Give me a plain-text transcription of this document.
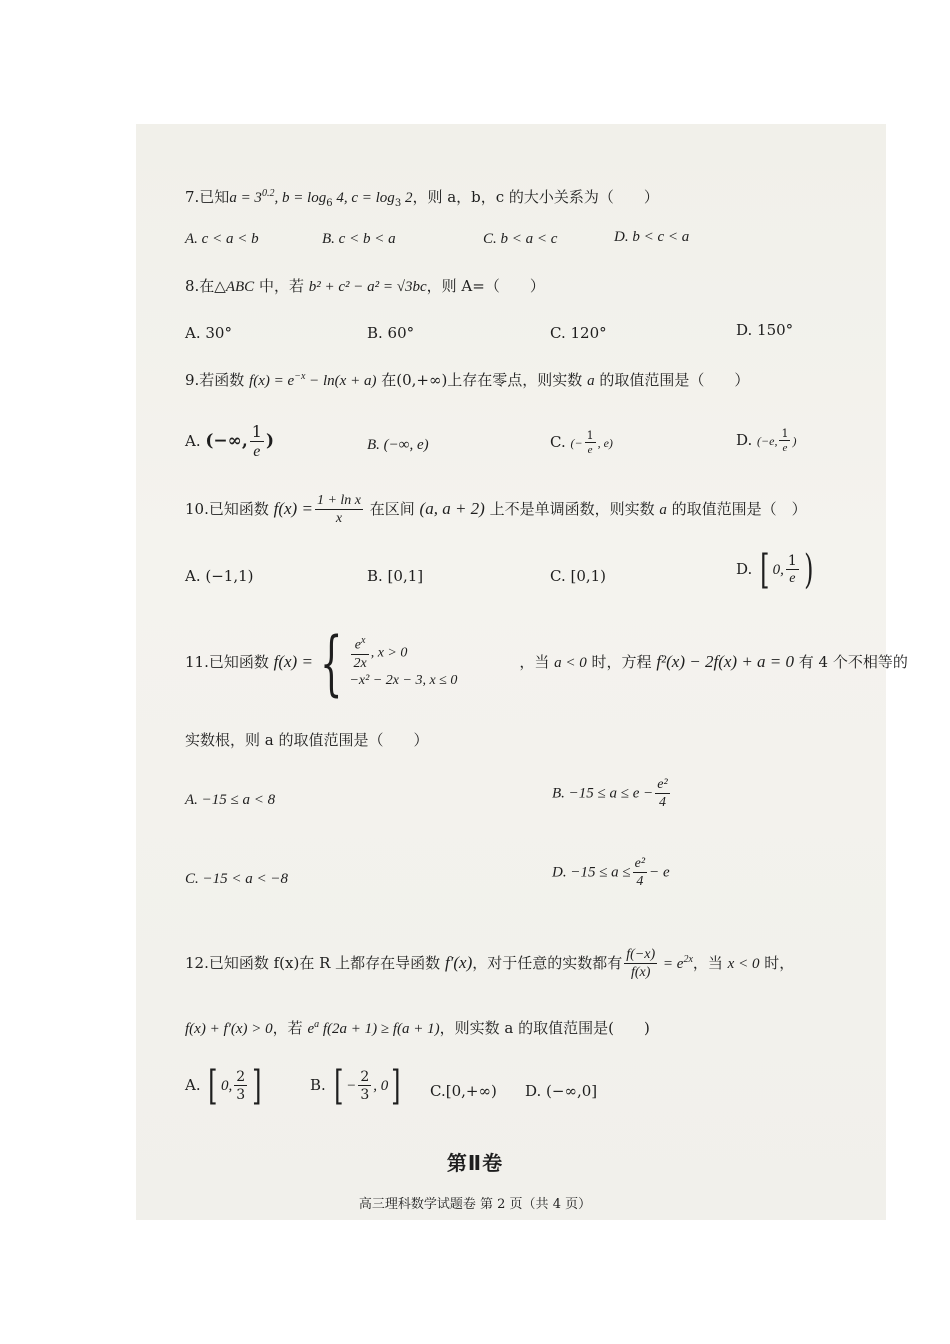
7.已知$a = 3^{0.2}$, $b = \log_6 4$, $c = \log_3 2$，则 a，b，c 的大小关系为（　　）
A. c < a < b	B. c < b < a	C. b < a < c	D. b < c < a
8.在△ABC 中，若 b² + c² − a² = √3bc，则 A=（　　）
A. 30°	B. 60°	C. 120°	D. 150°
9.若函数 $f(x) = e^{-x} - \ln(x + a)$ 在(0,+∞)上存在零点，则实数 a 的取值范围是（　　）
A. (−∞, $\frac{1}{e}$ )	B. (−∞, e)	C. (− $\frac{1}{e}$ , e)	D. (−e, $\frac{1}{e}$ )
10.已知函数 $f(x) = \frac{\text{1 + ln x}}{x}$ 在区间 (a, a + 2) 上不是单调函数，则实数 a 的取值范围是（　）
A. (−1,1)	B. [0,1]	C. [0,1)	D. [ 0, $\frac{1}{e}$ )
11.已知函数 f(x) = { $\frac{e^x}{2x}$ , x > 0
−x² − 2x − 3, x ≤ 0
，当 a < 0 时，方程 f²(x) − 2f(x) + a = 0 有 4 个不相等的
实数根，则 a 的取值范围是（　　）
A. −15 ≤ a < 8	B. $-15 \le a \le e - \frac{\text{e²}}{4}$
C. −15 < a < −8	D. $-15 \le a \le \frac{\text{e²}}{4} - e$
12.已知函数 f(x)在 R 上都存在导函数 f′(x)，对于任意的实数都有 $\frac{f(-x)}{f(x)} = e^{2x}$，当 x < 0 时，
f(x) + f′(x) > 0，若 $e^a$ f(2a + 1) ≥ f(a + 1)，则实数 a 的取值范围是(　　)
A. [ 0, $\frac{2}{3}$ ]	B. [ − $\frac{2}{3}$ , 0] C.[0,+∞) D. (−∞,0]
第Ⅱ卷
高三理科数学试题卷 第 2 页（共 4 页）
